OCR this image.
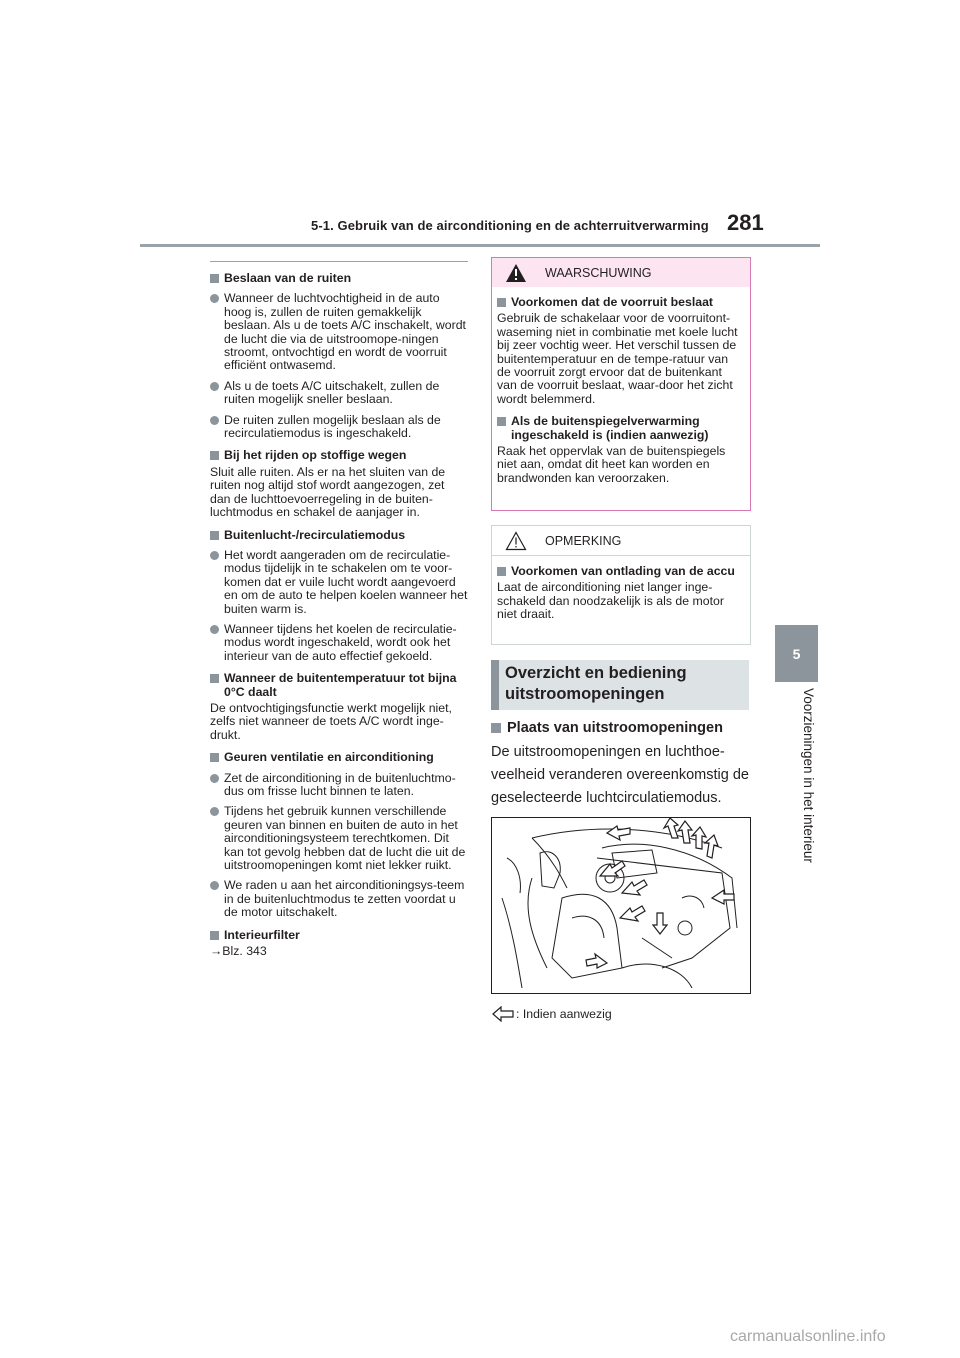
5-1. Gebruik van de airconditioning en de achterruitverwarming 281
5
Voorzieningen in het interieur
Beslaan van de ruiten
Wanneer de luchtvochtigheid in de auto hoog is, zullen de ruiten gemakkelijk beslaan. Als u de toets A/C inschakelt, wordt de lucht die via de uitstroomope-ningen stroomt, ontvochtigd en wordt de voorruit efficiënt ontwasemd.
Als u de toets A/C uitschakelt, zullen de ruiten mogelijk sneller beslaan.
De ruiten zullen mogelijk beslaan als de recirculatiemodus is ingeschakeld.
Bij het rijden op stoffige wegen
Sluit alle ruiten. Als er na het sluiten van de ruiten nog altijd stof wordt aangezogen, zet dan de luchttoevoerregeling in de buiten-luchtmodus en schakel de aanjager in.
Buitenlucht-/recirculatiemodus
Het wordt aangeraden om de recirculatie-modus tijdelijk in te schakelen om te voor-komen dat er vuile lucht wordt aangevoerd en om de auto te helpen koelen wanneer het buiten warm is.
Wanneer tijdens het koelen de recirculatie-modus wordt ingeschakeld, wordt ook het interieur van de auto effectief gekoeld.
Wanneer de buitentemperatuur tot bijna 0°C daalt
De ontvochtigingsfunctie werkt mogelijk niet, zelfs niet wanneer de toets A/C wordt inge-drukt.
Geuren ventilatie en airconditioning
Zet de airconditioning in de buitenluchtmo-dus om frisse lucht binnen te laten.
Tijdens het gebruik kunnen verschillende geuren van binnen en buiten de auto in het airconditioningsysteem terechtkomen. Dit kan tot gevolg hebben dat de lucht die uit de uitstroomopeningen komt niet lekker ruikt.
We raden u aan het airconditioningsys-teem in de buitenluchtmodus te zetten voordat u de motor uitschakelt.
Interieurfilter
→Blz. 343
WAARSCHUWING
Voorkomen dat de voorruit beslaat
Gebruik de schakelaar voor de voorruitont-waseming niet in combinatie met koele lucht bij zeer vochtig weer. Het verschil tussen de buitentemperatuur en de tempe-ratuur van de voorruit zorgt ervoor dat de buitenkant van de voorruit beslaat, waar-door het zicht wordt belemmerd.
Als de buitenspiegelverwarming ingeschakeld is (indien aanwezig)
Raak het oppervlak van de buitenspiegels niet aan, omdat dit heet kan worden en brandwonden kan veroorzaken.
OPMERKING
Voorkomen van ontlading van de accu
Laat de airconditioning niet langer inge-schakeld dan noodzakelijk is als de motor niet draait.
Overzicht en bediening
uitstroomopeningen
Plaats van uitstroomopeningen
De uitstroomopeningen en luchthoe-veelheid veranderen overeenkomstig de geselecteerde luchtcirculatiemodus.
: Indien aanwezig
carmanualsonline.info
